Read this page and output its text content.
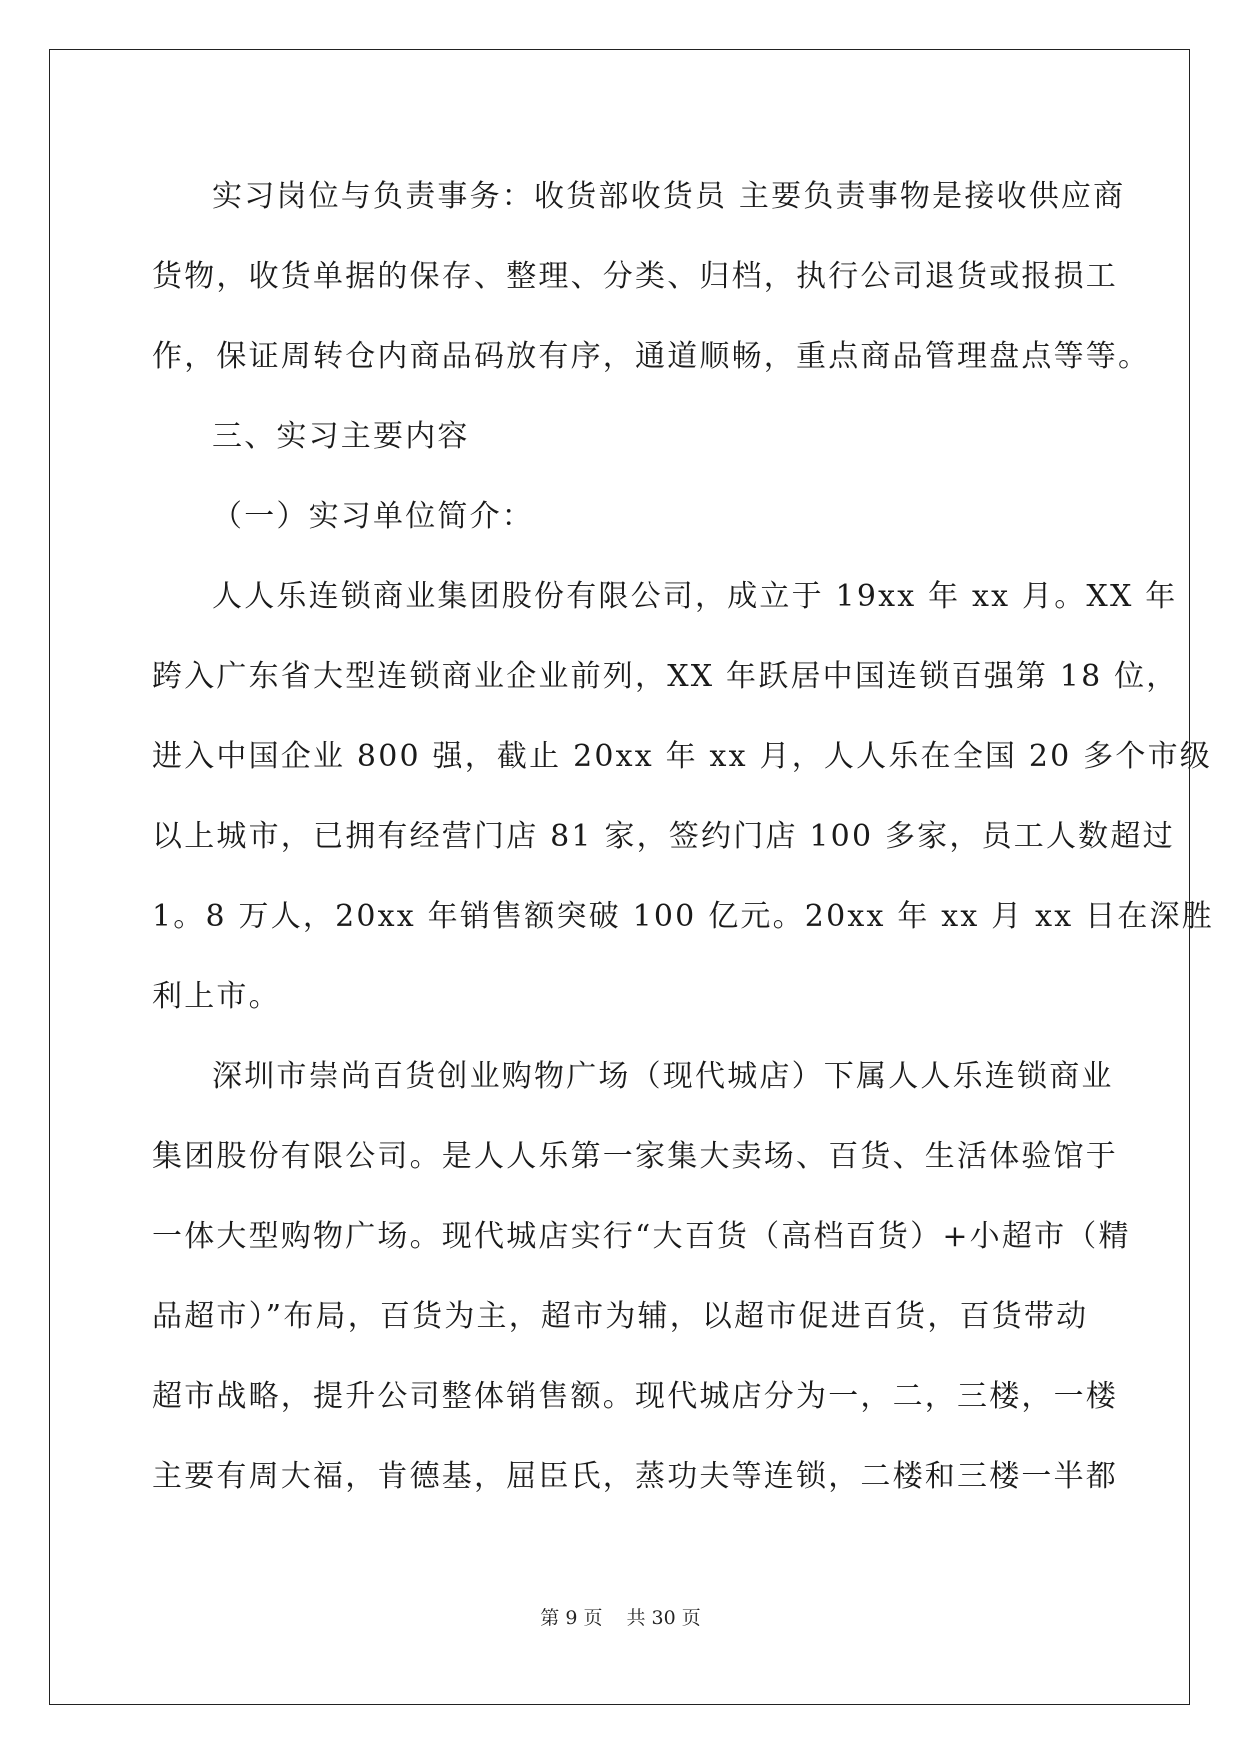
实习岗位与负责事务：收货部收货员 主要负责事物是接收供应商

货物，收货单据的保存、整理、分类、归档，执行公司退货或报损工

作，保证周转仓内商品码放有序，通道顺畅，重点商品管理盘点等等。

三、实习主要内容

（一）实习单位简介：

人人乐连锁商业集团股份有限公司，成立于 19xx 年 xx 月。XX 年

跨入广东省大型连锁商业企业前列，XX 年跃居中国连锁百强第 18 位，

进入中国企业 800 强，截止 20xx 年 xx 月，人人乐在全国 20 多个市级

以上城市，已拥有经营门店 81 家，签约门店 100 多家，员工人数超过

1。8 万人，20xx 年销售额突破 100 亿元。20xx 年 xx 月 xx 日在深胜

利上市。

深圳市崇尚百货创业购物广场（现代城店）下属人人乐连锁商业

集团股份有限公司。是人人乐第一家集大卖场、百货、生活体验馆于

一体大型购物广场。现代城店实行“大百货（高档百货）+小超市（精

品超市）”布局，百货为主，超市为辅，以超市促进百货，百货带动

超市战略，提升公司整体销售额。现代城店分为一，二，三楼，一楼

主要有周大福，肯德基，屈臣氏，蒸功夫等连锁，二楼和三楼一半都

第 9 页 共 30 页
